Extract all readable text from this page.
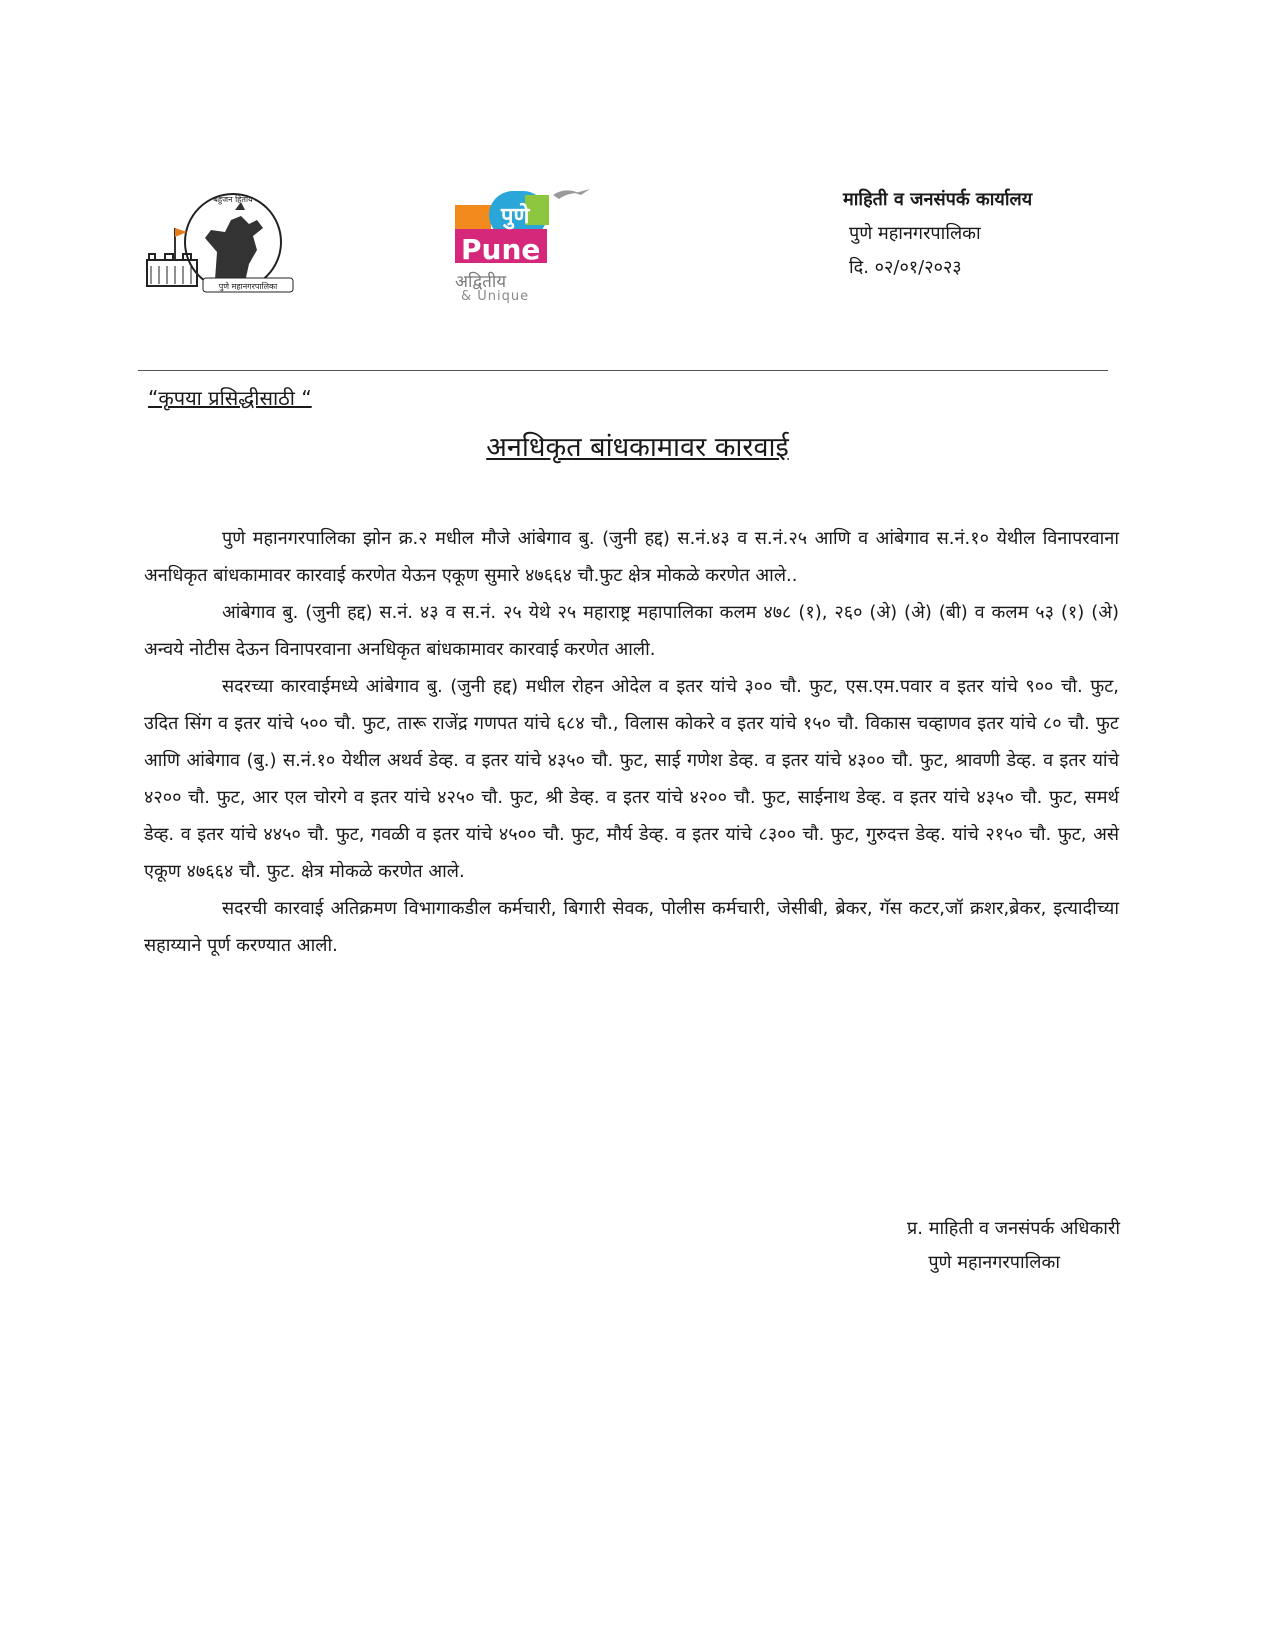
पुणे महानगरपालिका
बहुजन हिताय
Pune
पुणे
अद्वितीय
& Unique
माहिती व जनसंपर्क कार्यालय
पुणे महानगरपालिका
दि. ०२/०१/२०२३
“कृपया प्रसिद्धीसाठी “
अनधिकृत बांधकामावर कारवाई

पुणे महानगरपालिका झोन क्र.२ मधील मौजे आंबेगाव बु. (जुनी हद्द) स.नं.४३ व स.नं.२५ आणि व आंबेगाव स.नं.१० येथील विनापरवाना अनधिकृत बांधकामावर कारवाई करणेत येऊन एकूण सुमारे ४७६६४ चौ.फुट क्षेत्र मोकळे करणेत आले..

आंबेगाव बु. (जुनी हद्द) स.नं. ४३ व स.नं. २५ येथे २५ महाराष्ट्र महापालिका कलम ४७८ (१), २६० (अे) (अे) (बी) व कलम ५३ (१) (अे) अन्वये नोटीस देऊन विनापरवाना अनधिकृत बांधकामावर कारवाई करणेत आली.

सदरच्या कारवाईमध्ये आंबेगाव बु. (जुनी हद्द) मधील रोहन ओदेल व इतर यांचे ३०० चौ. फुट, एस.एम.पवार व इतर यांचे ९०० चौ. फुट, उदित सिंग व इतर यांचे ५०० चौ. फुट, तारू राजेंद्र गणपत यांचे ६८४ चौ., विलास कोकरे व इतर यांचे १५० चौ. विकास चव्हाणव इतर यांचे ८० चौ. फुट आणि आंबेगाव (बु.) स.नं.१० येथील अथर्व डेव्ह. व इतर यांचे ४३५० चौ. फुट, साई गणेश डेव्ह. व इतर यांचे ४३०० चौ. फुट, श्रावणी डेव्ह. व इतर यांचे ४२०० चौ. फुट, आर एल चोरगे व इतर यांचे ४२५० चौ. फुट, श्री डेव्ह. व इतर यांचे ४२०० चौ. फुट, साईनाथ डेव्ह. व इतर यांचे ४३५० चौ. फुट, समर्थ डेव्ह. व इतर यांचे ४४५० चौ. फुट, गवळी व इतर यांचे ४५०० चौ. फुट, मौर्य डेव्ह. व इतर यांचे ८३०० चौ. फुट, गुरुदत्त डेव्ह. यांचे २१५० चौ. फुट, असे एकूण ४७६६४ चौ. फुट. क्षेत्र मोकळे करणेत आले.

सदरची कारवाई अतिक्रमण विभागाकडील कर्मचारी, बिगारी सेवक, पोलीस कर्मचारी, जेसीबी, ब्रेकर, गॅस कटर,जॉ क्रशर,ब्रेकर, इत्यादीच्या सहाय्याने पूर्ण करण्यात आली.

प्र. माहिती व जनसंपर्क अधिकारी
पुणे महानगरपालिका
